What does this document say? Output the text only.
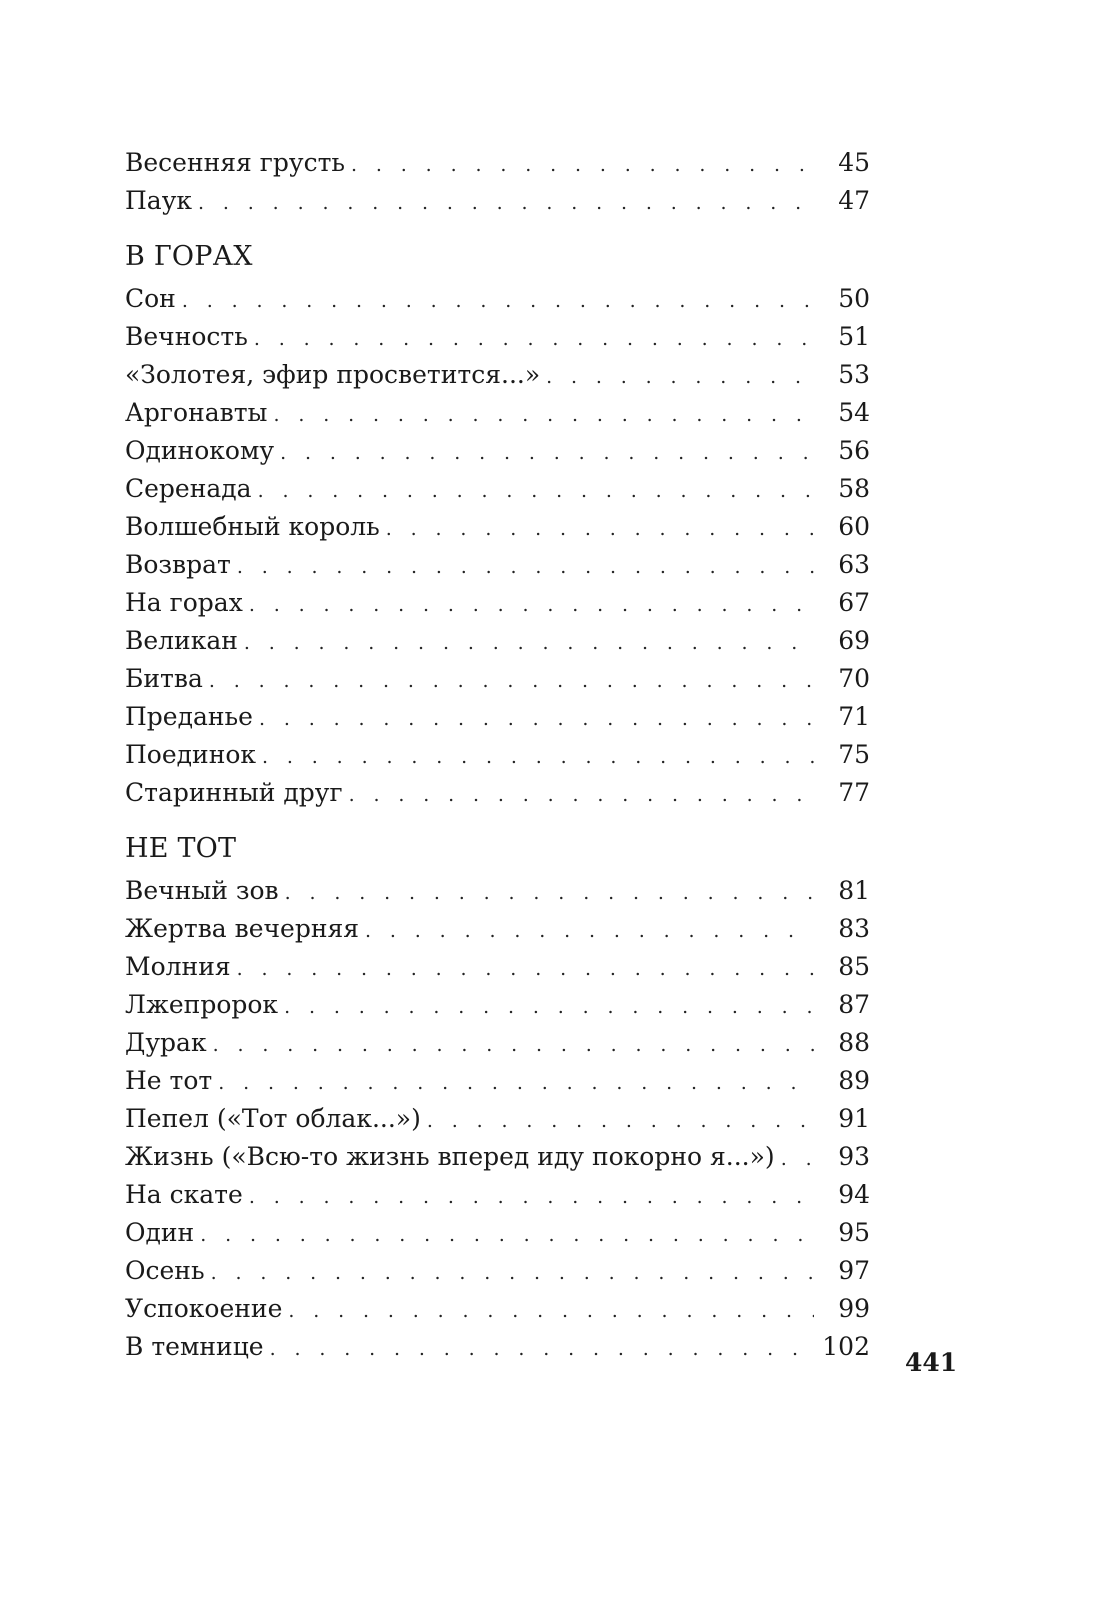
Весенняя грусть . . .	45
Паук . . .	47
В ГОРАХ
Сон . . .	50
Вечность . . .	51
«Золотея, эфир просветится...» . . .	53
Аргонавты . . .	54
Одинокому . . .	56
Серенада . . .	58
Волшебный король . . .	60
Возврат . . .	63
На горах . . .	67
Великан . . .	69
Битва . . .	70
Преданье . . .	71
Поединок . . .	75
Старинный друг . . .	77
НЕ ТОТ
Вечный зов . . .	81
Жертва вечерняя . . .	83
Молния . . .	85
Лжепророк . . .	87
Дурак . . .	88
Не тот . . .	89
Пепел («Тот облак...») . . .	91
Жизнь («Всю-то жизнь вперед иду покорно я...») . . .	93
На скате . . .	94
Один . . .	95
Осень . . .	97
Успокоение . . .	99
В темнице . . .	102
441
